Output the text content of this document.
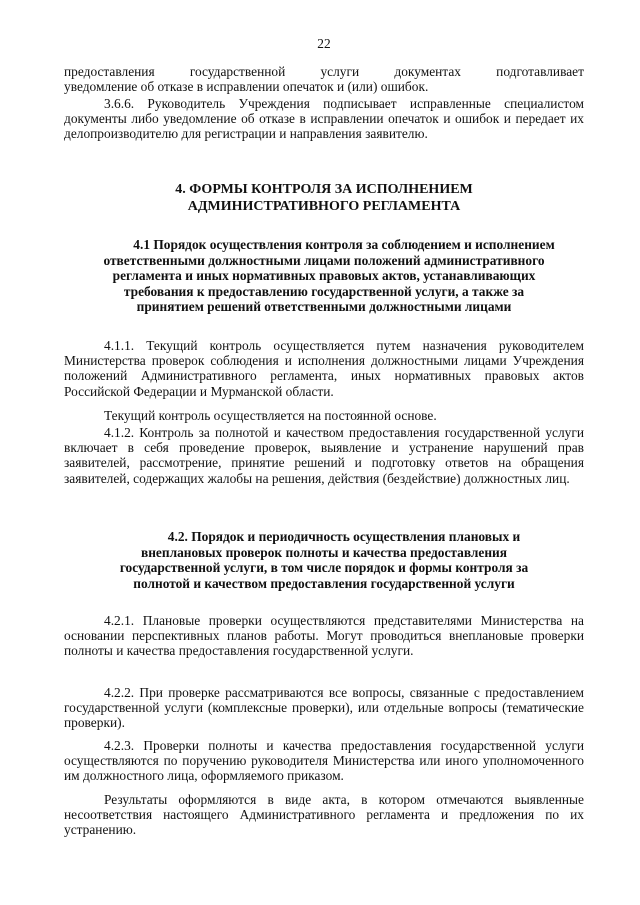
22
предоставления	государственной	услуги	документах	подготавливает
уведомление об отказе в исправлении опечаток и (или) ошибок.
3.6.6. Руководитель Учреждения подписывает исправленные специалистом документы либо уведомление об отказе в исправлении опечаток и ошибок и передает их делопроизводителю для регистрации и направления заявителю.
4. ФОРМЫ КОНТРОЛЯ ЗА ИСПОЛНЕНИЕМ
АДМИНИСТРАТИВНОГО РЕГЛАМЕНТА
4.1 Порядок осуществления контроля за соблюдением и исполнением
ответственными должностными лицами положений административного
регламента и иных нормативных правовых актов, устанавливающих
требования к предоставлению государственной услуги, а также за
принятием решений ответственными должностными лицами
4.1.1. Текущий контроль осуществляется путем назначения руководителем Министерства проверок соблюдения и исполнения должностными лицами Учреждения положений Административного регламента, иных нормативных правовых актов Российской Федерации и Мурманской области.
Текущий контроль осуществляется на постоянной основе.
4.1.2. Контроль за полнотой и качеством предоставления государственной услуги включает в себя проведение проверок, выявление и устранение нарушений прав заявителей, рассмотрение, принятие решений и подготовку ответов на обращения заявителей, содержащих жалобы на решения, действия (бездействие) должностных лиц.
4.2. Порядок и периодичность осуществления плановых и
внеплановых проверок полноты и качества предоставления
государственной услуги, в том числе порядок и формы контроля за
полнотой и качеством предоставления государственной услуги
4.2.1. Плановые проверки осуществляются представителями Министерства на основании перспективных планов работы. Могут проводиться внеплановые проверки полноты и качества предоставления государственной услуги.
4.2.2. При проверке рассматриваются все вопросы, связанные с предоставлением государственной услуги (комплексные проверки), или отдельные вопросы (тематические проверки).
4.2.3. Проверки полноты и качества предоставления государственной услуги осуществляются по поручению руководителя Министерства или иного уполномоченного им должностного лица, оформляемого приказом.
Результаты оформляются в виде акта, в котором отмечаются выявленные несоответствия настоящего Административного регламента и предложения по их устранению.
